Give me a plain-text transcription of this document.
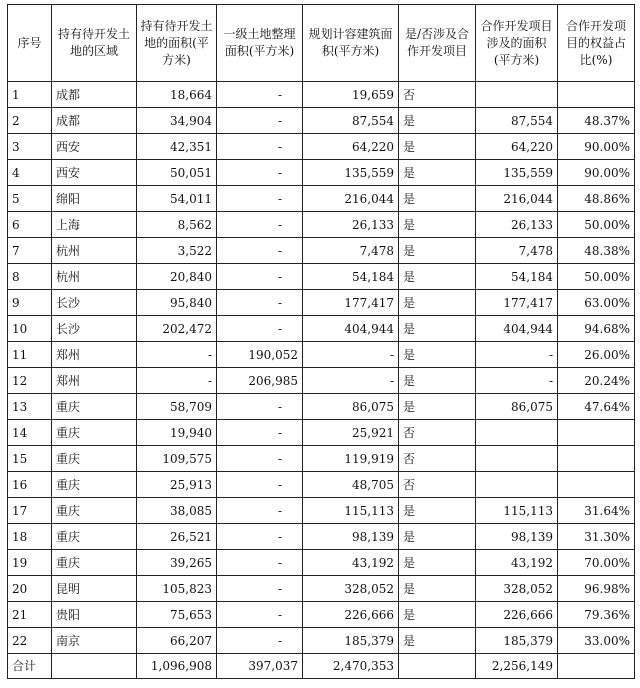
序号	持有待开发土地的区域	持有待开发土地的面积(平方米)	一级土地整理面积(平方米)	规划计容建筑面积(平方米)	是/否涉及合作开发项目	合作开发项目涉及的面积(平方米)	合作开发项目的权益占比(%)
1	成都	18,664	-	19,659	否		
2	成都	34,904	-	87,554	是	87,554	48.37%
3	西安	42,351	-	64,220	是	64,220	90.00%
4	西安	50,051	-	135,559	是	135,559	90.00%
5	绵阳	54,011	-	216,044	是	216,044	48.86%
6	上海	8,562	-	26,133	是	26,133	50.00%
7	杭州	3,522	-	7,478	是	7,478	48.38%
8	杭州	20,840	-	54,184	是	54,184	50.00%
9	长沙	95,840	-	177,417	是	177,417	63.00%
10	长沙	202,472	-	404,944	是	404,944	94.68%
11	郑州	-	190,052	-	是	-	26.00%
12	郑州	-	206,985	-	是	-	20.24%
13	重庆	58,709	-	86,075	是	86,075	47.64%
14	重庆	19,940	-	25,921	否		
15	重庆	109,575	-	119,919	否		
16	重庆	25,913	-	48,705	否		
17	重庆	38,085	-	115,113	是	115,113	31.64%
18	重庆	26,521	-	98,139	是	98,139	31.30%
19	重庆	39,265	-	43,192	是	43,192	70.00%
20	昆明	105,823	-	328,052	是	328,052	96.98%
21	贵阳	75,653	-	226,666	是	226,666	79.36%
22	南京	66,207	-	185,379	是	185,379	33.00%
合计		1,096,908	397,037	2,470,353		2,256,149	
